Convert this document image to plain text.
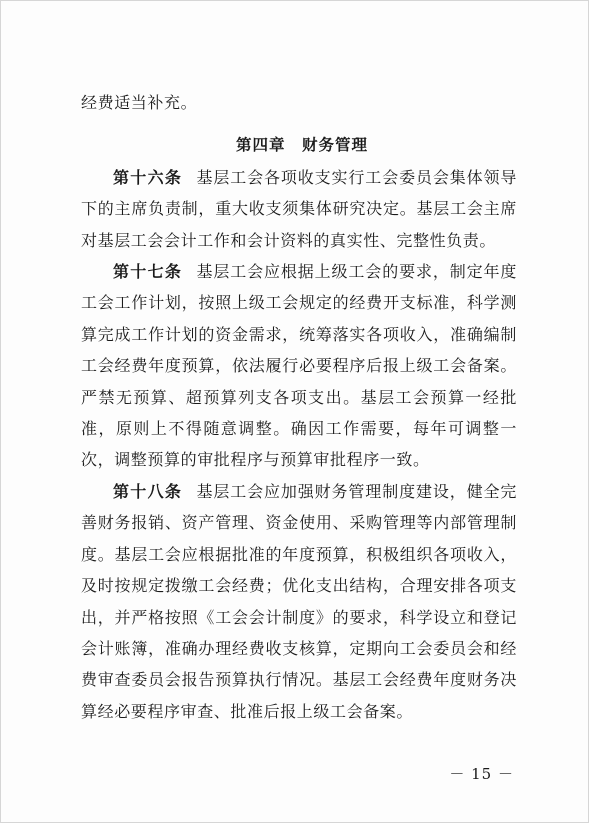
经费适当补充。

第四章　财务管理

第十六条 基层工会各项收支实行工会委员会集体领导下的主席负责制，重大收支须集体研究决定。基层工会主席对基层工会会计工作和会计资料的真实性、完整性负责。

第十七条 基层工会应根据上级工会的要求，制定年度工会工作计划，按照上级工会规定的经费开支标准，科学测算完成工作计划的资金需求，统筹落实各项收入，准确编制工会经费年度预算，依法履行必要程序后报上级工会备案。严禁无预算、超预算列支各项支出。基层工会预算一经批准，原则上不得随意调整。确因工作需要，每年可调整一次，调整预算的审批程序与预算审批程序一致。

第十八条 基层工会应加强财务管理制度建设，健全完善财务报销、资产管理、资金使用、采购管理等内部管理制度。基层工会应根据批准的年度预算，积极组织各项收入，及时按规定拨缴工会经费；优化支出结构，合理安排各项支出，并严格按照《工会会计制度》的要求，科学设立和登记会计账簿，准确办理经费收支核算，定期向工会委员会和经费审查委员会报告预算执行情况。基层工会经费年度财务决算经必要程序审查、批准后报上级工会备案。

－ 15 －
